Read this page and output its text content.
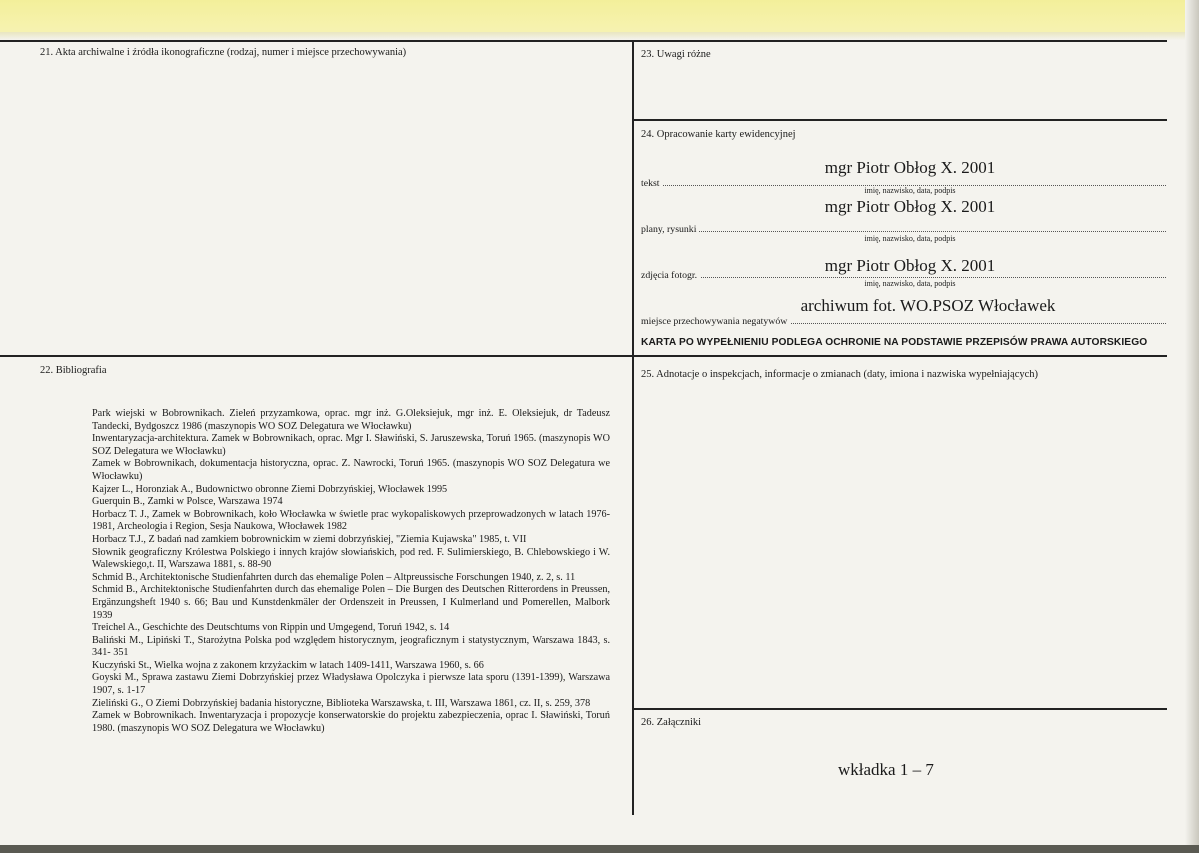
21. Akta archiwalne i źródła ikonograficzne (rodzaj, numer i miejsce przechowywania)
22. Bibliografia
23. Uwagi różne
24. Opracowanie karty ewidencyjnej
25. Adnotacje o inspekcjach, informacje o zmianach (daty, imiona i nazwiska wypełniających)
26. Załączniki
mgr Piotr Obłog X. 2001
tekst
imię, nazwisko, data, podpis
mgr Piotr Obłog X. 2001
plany, rysunki
imię, nazwisko, data, podpis
mgr Piotr Obłog X. 2001
zdjęcia fotogr.
imię, nazwisko, data, podpis
archiwum fot. WO.PSOZ Włocławek
miejsce przechowywania negatywów
KARTA PO WYPEŁNIENIU PODLEGA OCHRONIE NA PODSTAWIE PRZEPISÓW PRAWA AUTORSKIEGO

Park wiejski w Bobrownikach. Zieleń przyzamkowa, oprac. mgr inż. G.Oleksiejuk, mgr inż. E. Oleksiejuk, dr Tadeusz Tandecki, Bydgoszcz 1986 (maszynopis WO SOZ Delegatura we Włocławku)

Inwentaryzacja-architektura. Zamek w Bobrownikach, oprac. Mgr I. Sławiński, S. Jaruszewska, Toruń 1965. (maszynopis WO SOZ Delegatura we Włocławku)

Zamek w Bobrownikach, dokumentacja historyczna, oprac. Z. Nawrocki, Toruń 1965. (maszynopis WO SOZ Delegatura we Włocławku)

Kajzer L., Horonziak A., Budownictwo obronne Ziemi Dobrzyńskiej, Włocławek 1995

Guerquin B., Zamki w Polsce, Warszawa 1974

Horbacz T. J., Zamek w Bobrownikach, koło Włocławka w świetle prac wykopaliskowych przeprowadzonych w latach 1976-1981, Archeologia i Region, Sesja Naukowa, Włocławek 1982

Horbacz T.J., Z badań nad zamkiem bobrownickim w ziemi dobrzyńskiej, "Ziemia Kujawska" 1985, t. VII

Słownik geograficzny Królestwa Polskiego i innych krajów słowiańskich, pod red. F. Sulimierskiego, B. Chlebowskiego i W. Walewskiego,t. II, Warszawa 1881, s. 88-90

Schmid B., Architektonische Studienfahrten durch das ehemalige Polen – Altpreussische Forschungen 1940, z. 2, s. 11

Schmid B., Architektonische Studienfahrten durch das ehemalige Polen – Die Burgen des Deutschen Ritterordens in Preussen, Ergänzungsheft 1940 s. 66; Bau und Kunstdenkmäler der Ordenszeit in Preussen, I Kulmerland und Pomerellen, Malbork 1939

Treichel A., Geschichte des Deutschtums von Rippin und Umgegend, Toruń 1942, s. 14

Baliński M., Lipiński T., Starożytna Polska pod względem historycznym, jeograficznym i statystycznym, Warszawa 1843, s. 341- 351

Kuczyński St., Wielka wojna z zakonem krzyżackim w latach 1409-1411, Warszawa 1960, s. 66

Goyski M., Sprawa zastawu Ziemi Dobrzyńskiej przez Władysława Opolczyka i pierwsze lata sporu (1391-1399), Warszawa 1907, s. 1-17

Zieliński G., O Ziemi Dobrzyńskiej badania historyczne, Biblioteka Warszawska, t. III, Warszawa 1861, cz. II, s. 259, 378

Zamek w Bobrownikach. Inwentaryzacja i propozycje konserwatorskie do projektu zabezpieczenia, oprac I. Sławiński, Toruń 1980. (maszynopis WO SOZ Delegatura we Włocławku)

wkładka 1 – 7
